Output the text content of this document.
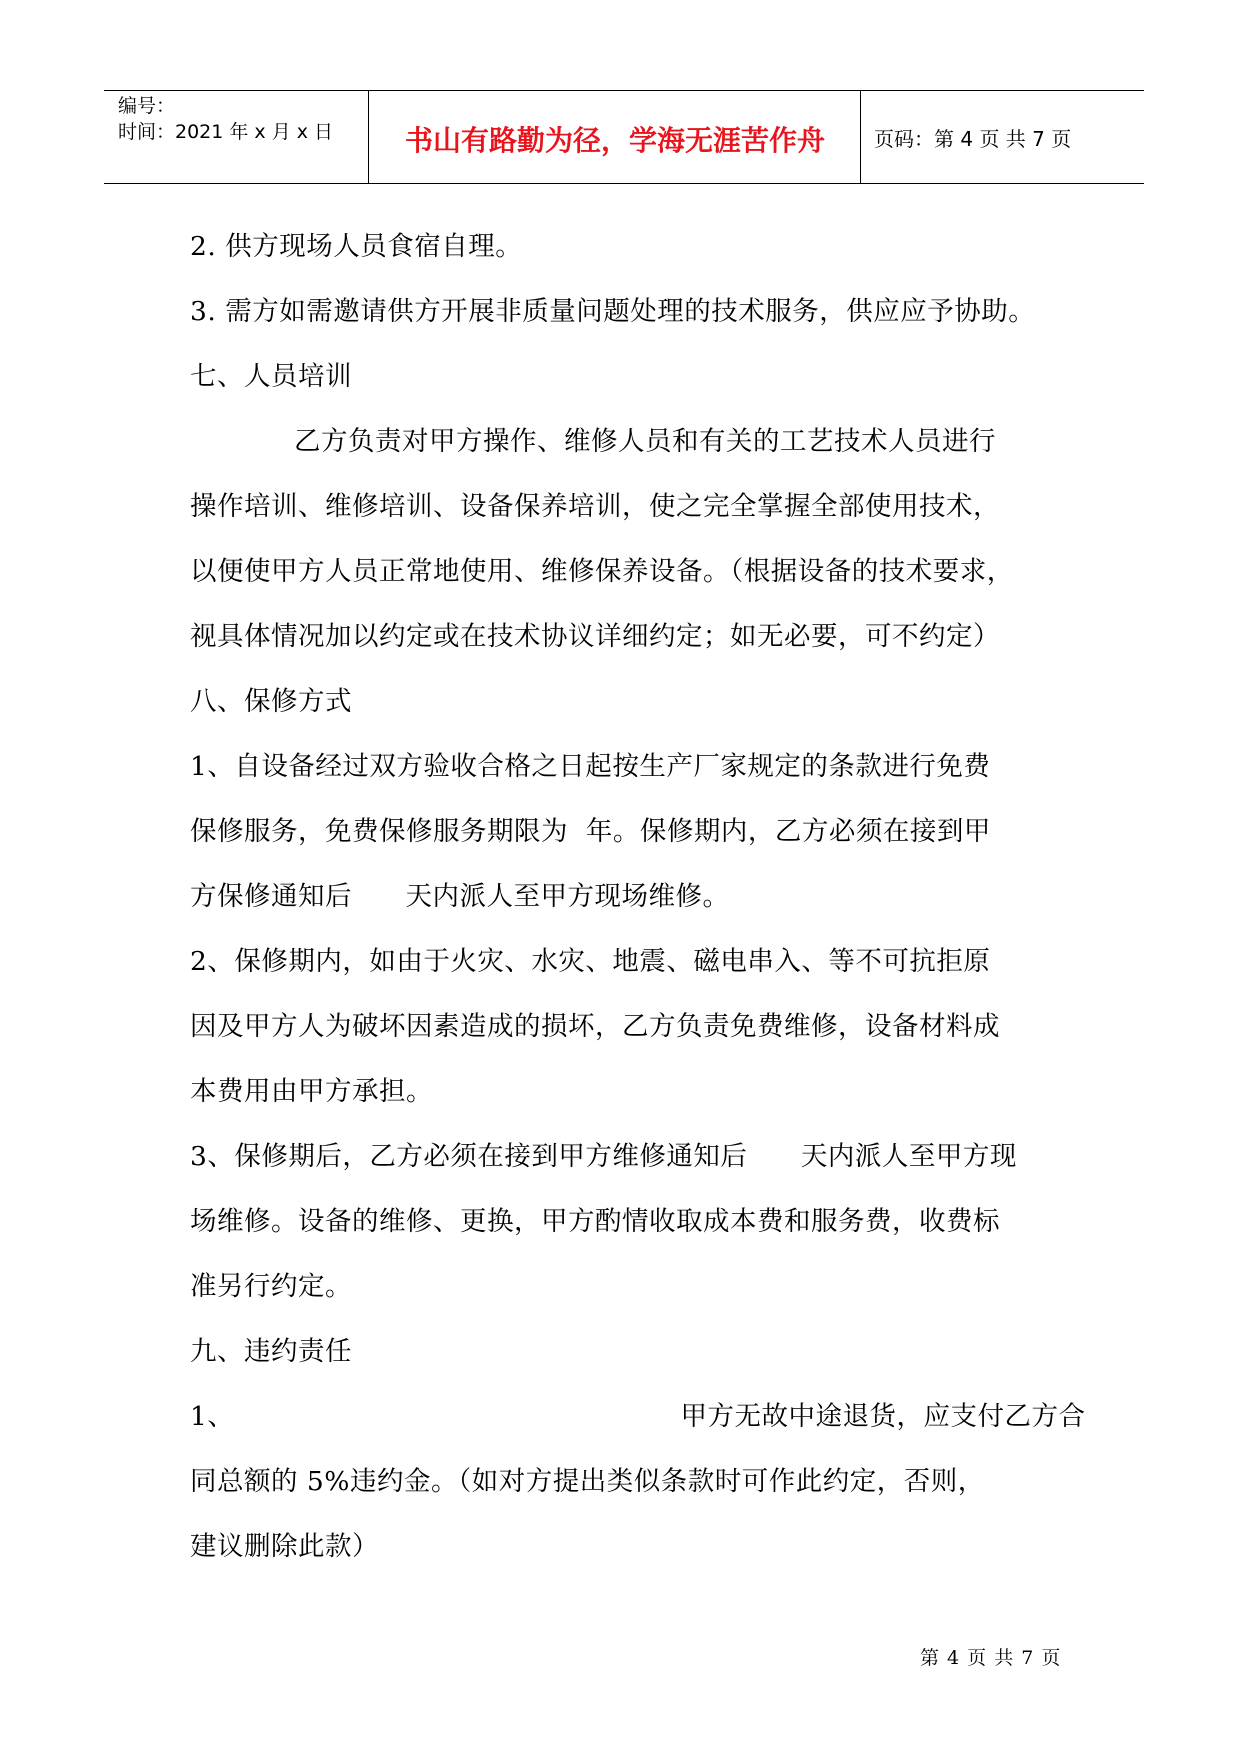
编号：
时间：2021 年 x 月 x 日	书山有路勤为径，学海无涯苦作舟	页码：第 4 页 共 7 页

2. 供方现场人员食宿自理。

3. 需方如需邀请供方开展非质量问题处理的技术服务，供应应予协助。

七、人员培训

乙方负责对甲方操作、维修人员和有关的工艺技术人员进行

操作培训、维修培训、设备保养培训，使之完全掌握全部使用技术，

以便使甲方人员正常地使用、维修保养设备。（根据设备的技术要求，

视具体情况加以约定或在技术协议详细约定；如无必要，可不约定）

八、保修方式

1、自设备经过双方验收合格之日起按生产厂家规定的条款进行免费

保修服务，免费保修服务期限为  年。保修期内，乙方必须在接到甲

方保修通知后      天内派人至甲方现场维修。

2、保修期内，如由于火灾、水灾、地震、磁电串入、等不可抗拒原

因及甲方人为破坏因素造成的损坏，乙方负责免费维修，设备材料成

本费用由甲方承担。

3、保修期后，乙方必须在接到甲方维修通知后      天内派人至甲方现

场维修。设备的维修、更换，甲方酌情收取成本费和服务费，收费标

准另行约定。

九、违约责任

1、                                                  甲方无故中途退货，应支付乙方合

同总额的 5%违约金。（如对方提出类似条款时可作此约定，否则，

建议删除此款）

第 4 页 共 7 页
